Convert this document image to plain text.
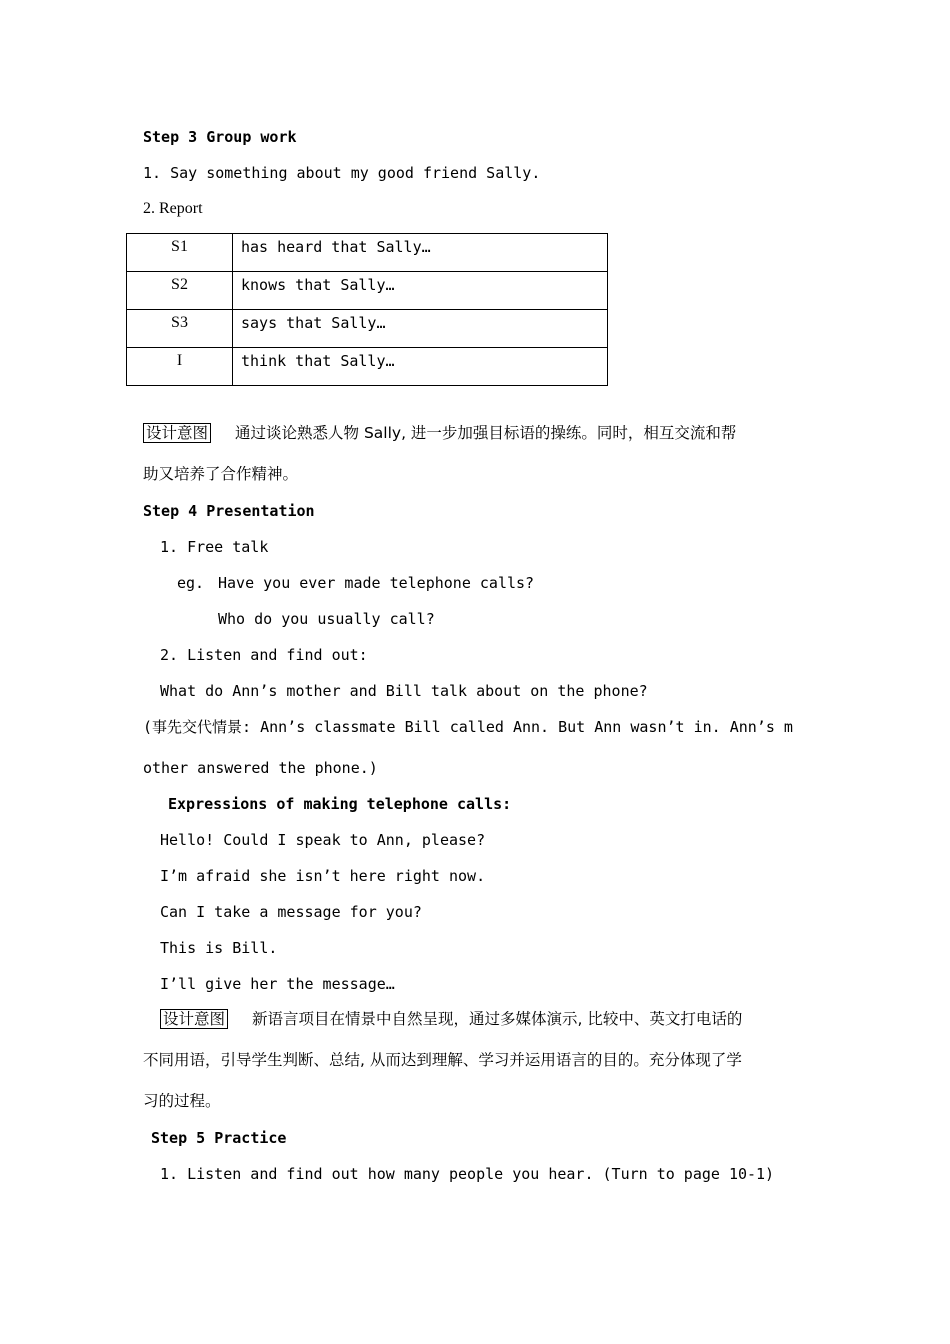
Step 3 Group work
1. Say something about my good friend Sally.
2. Report
S1	has heard that Sally…
S2	knows that Sally…
S3	says that Sally…
I	think that Sally…
设计意图 通过谈论熟悉人物 Sally, 进一步加强目标语的操练。同时，相互交流和帮
助又培养了合作精神。
Step 4 Presentation
1. Free talk
eg. Have you ever made telephone calls?
Who do you usually call?
2. Listen and find out:
What do Ann’s mother and Bill talk about on the phone?
(事先交代情景: Ann’s classmate Bill called Ann. But Ann wasn’t in. Ann’s m
other answered the phone.)
Expressions of making telephone calls:
Hello! Could I speak to Ann, please?
I’m afraid she isn’t here right now.
Can I take a message for you?
This is Bill.
I’ll give her the message…
设计意图 新语言项目在情景中自然呈现，通过多媒体演示, 比较中、英文打电话的
不同用语，引导学生判断、总结, 从而达到理解、学习并运用语言的目的。充分体现了学
习的过程。
Step 5 Practice
1. Listen and find out how many people you hear. (Turn to page 10-1)
